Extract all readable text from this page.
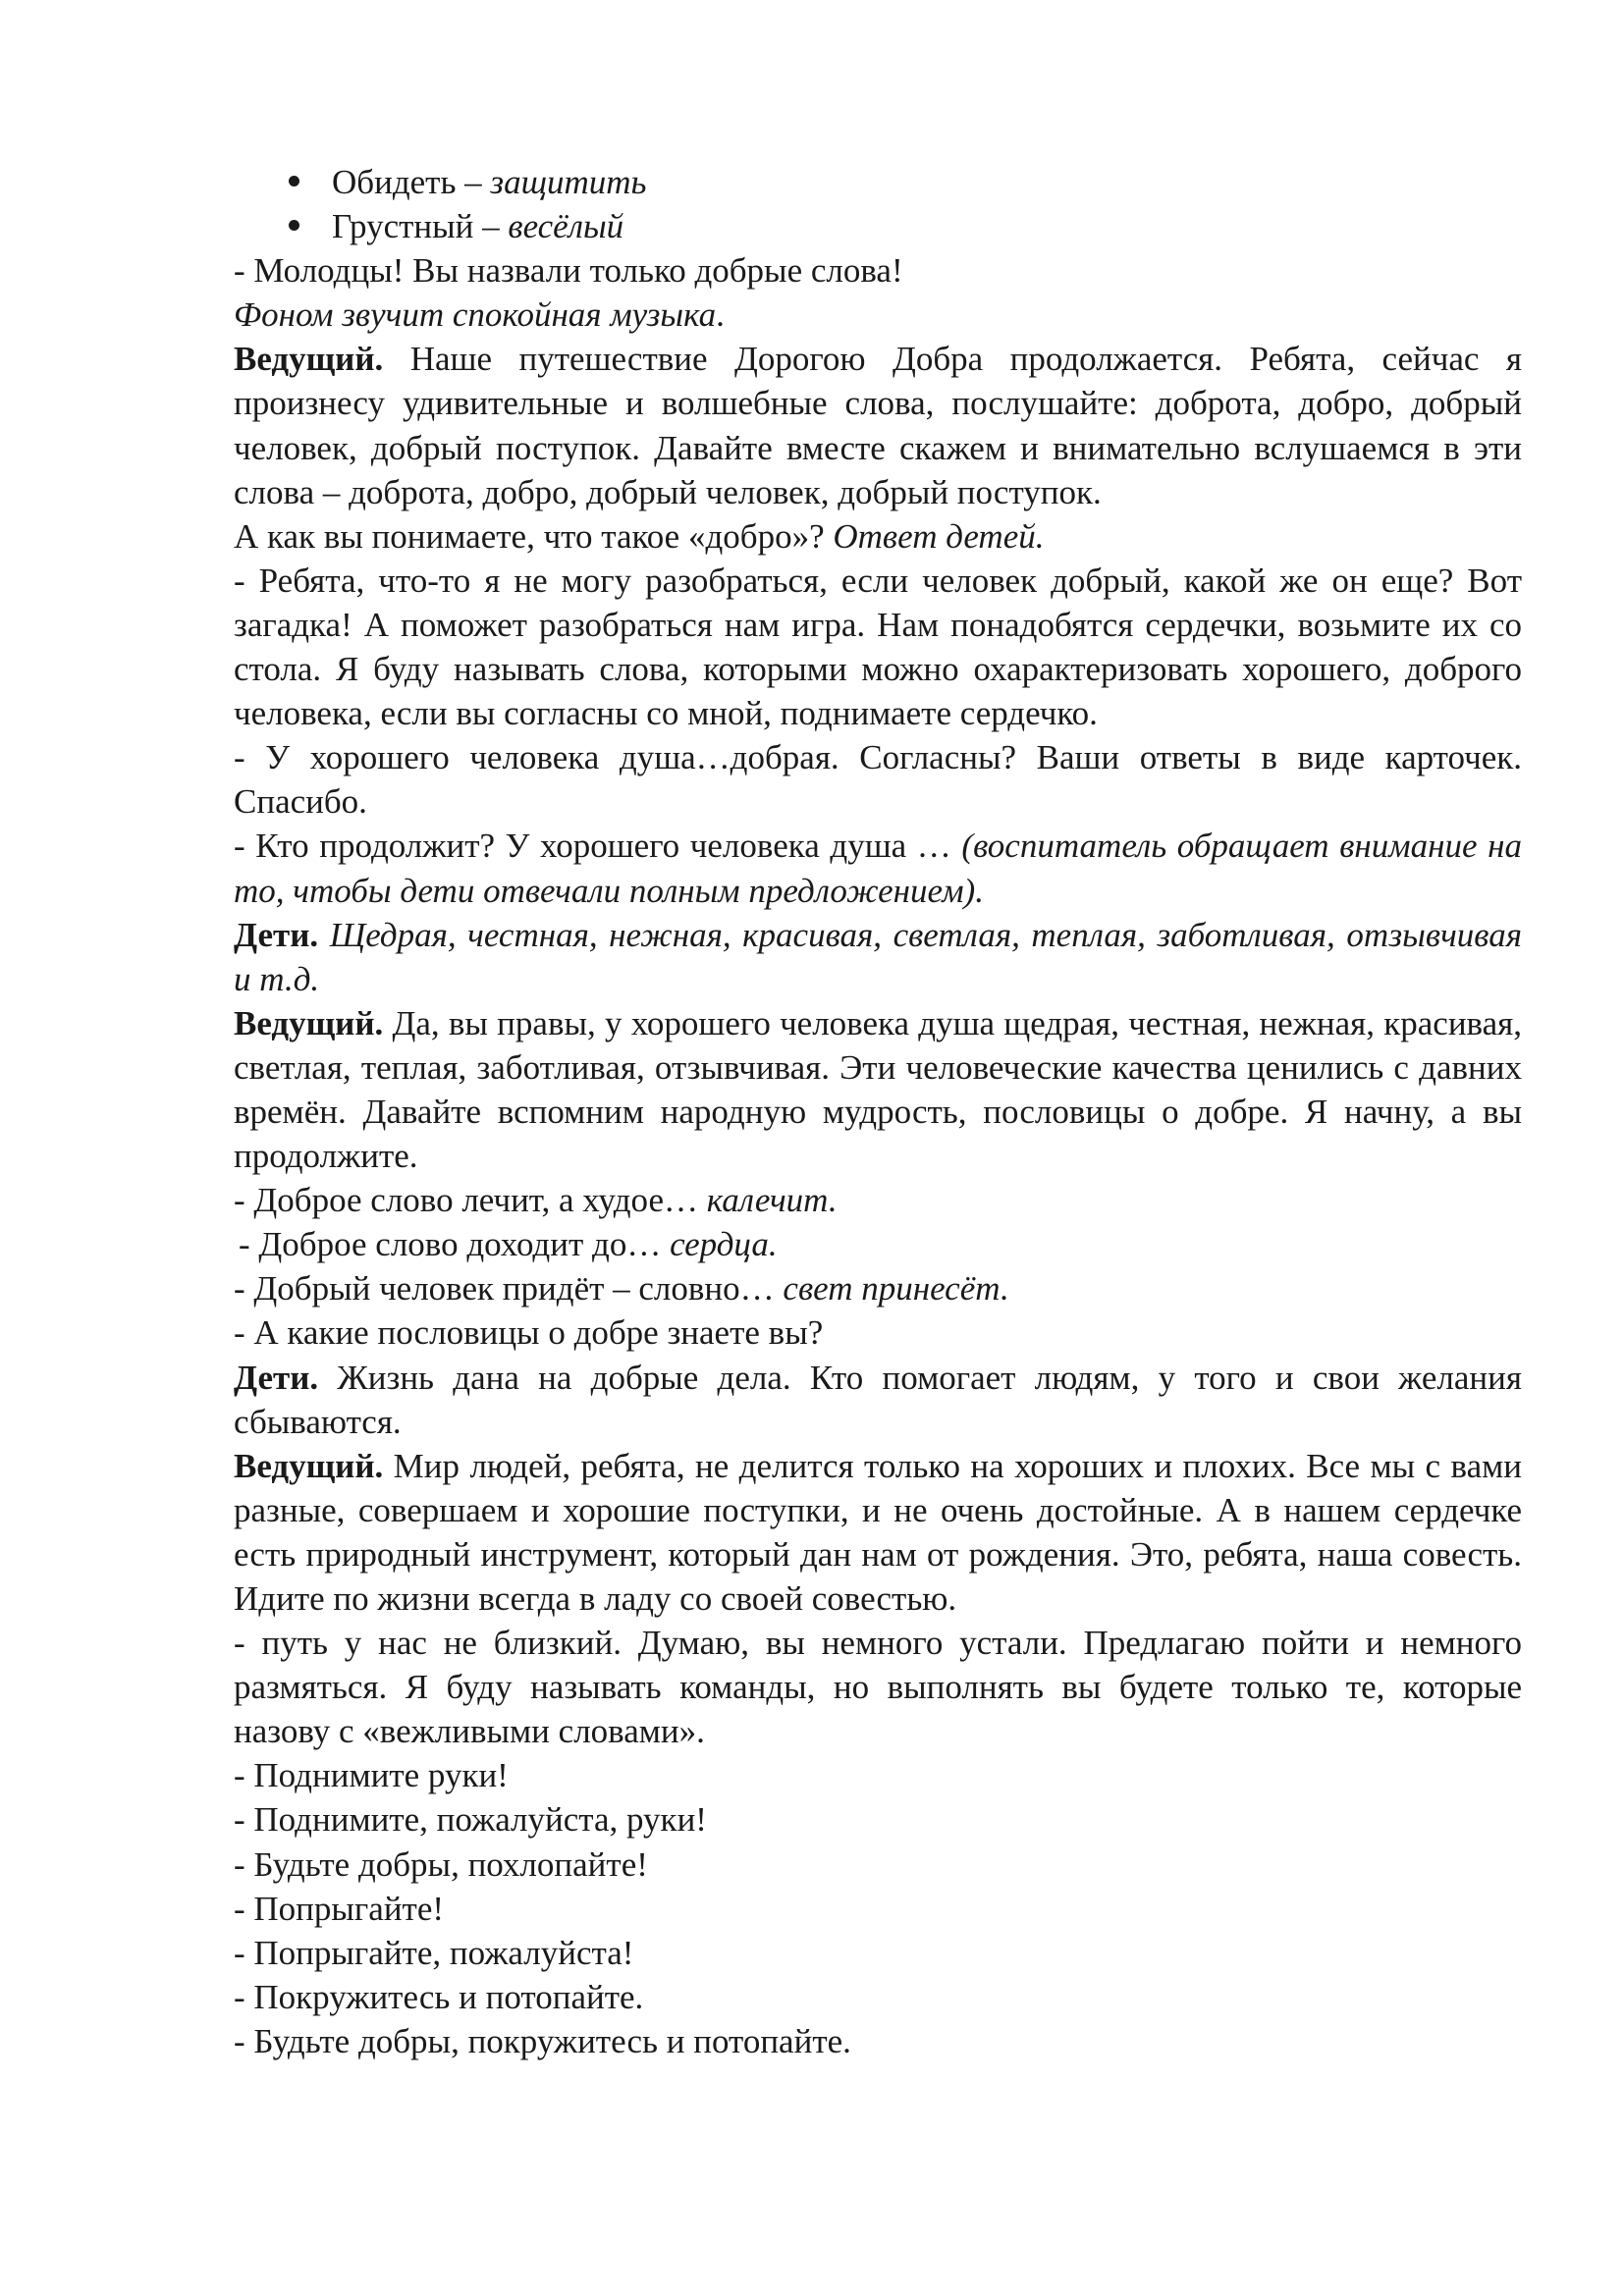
Обидеть – защитить
Грустный – весёлый

- Молодцы! Вы назвали только добрые слова!

Фоном звучит спокойная музыка.

Ведущий. Наше путешествие Дорогою Добра продолжается. Ребята, сейчас я произнесу удивительные и волшебные слова, послушайте: доброта, добро, добрый человек, добрый поступок. Давайте вместе скажем и внимательно вслушаемся в эти слова – доброта, добро, добрый человек, добрый поступок.

А как вы понимаете, что такое «добро»? Ответ детей.

- Ребята, что-то я не могу разобраться, если человек добрый, какой же он еще? Вот загадка! А поможет разобраться нам игра. Нам понадобятся сердечки, возьмите их со стола. Я буду называть слова, которыми можно охарактеризовать хорошего, доброго человека, если вы согласны со мной, поднимаете сердечко.

- У хорошего человека душа…добрая. Согласны? Ваши ответы в виде карточек. Спасибо.

- Кто продолжит? У хорошего человека душа … (воспитатель обращает внимание на то, чтобы дети отвечали полным предложением).

Дети. Щедрая, честная, нежная, красивая, светлая, теплая, заботливая, отзывчивая и т.д.

Ведущий. Да, вы правы, у хорошего человека душа щедрая, честная, нежная, красивая, светлая, теплая, заботливая, отзывчивая. Эти человеческие качества ценились с давних времён. Давайте вспомним народную мудрость, пословицы о добре. Я начну, а вы продолжите.

- Доброе слово лечит, а худое… калечит.

- Доброе слово доходит до… сердца.

- Добрый человек придёт – словно… свет принесёт.

- А какие пословицы о добре знаете вы?

Дети. Жизнь дана на добрые дела. Кто помогает людям, у того и свои желания сбываются.

Ведущий. Мир людей, ребята, не делится только на хороших и плохих. Все мы с вами разные, совершаем и хорошие поступки, и не очень достойные. А в нашем сердечке есть природный инструмент, который дан нам от рождения. Это, ребята, наша совесть. Идите по жизни всегда в ладу со своей совестью.

- путь у нас не близкий. Думаю, вы немного устали. Предлагаю пойти и немного размяться. Я буду называть команды, но выполнять вы будете только те, которые назову с «вежливыми словами».

- Поднимите руки!

- Поднимите, пожалуйста, руки!

- Будьте добры, похлопайте!

- Попрыгайте!

- Попрыгайте, пожалуйста!

- Покружитесь и потопайте.

- Будьте добры, покружитесь и потопайте.
